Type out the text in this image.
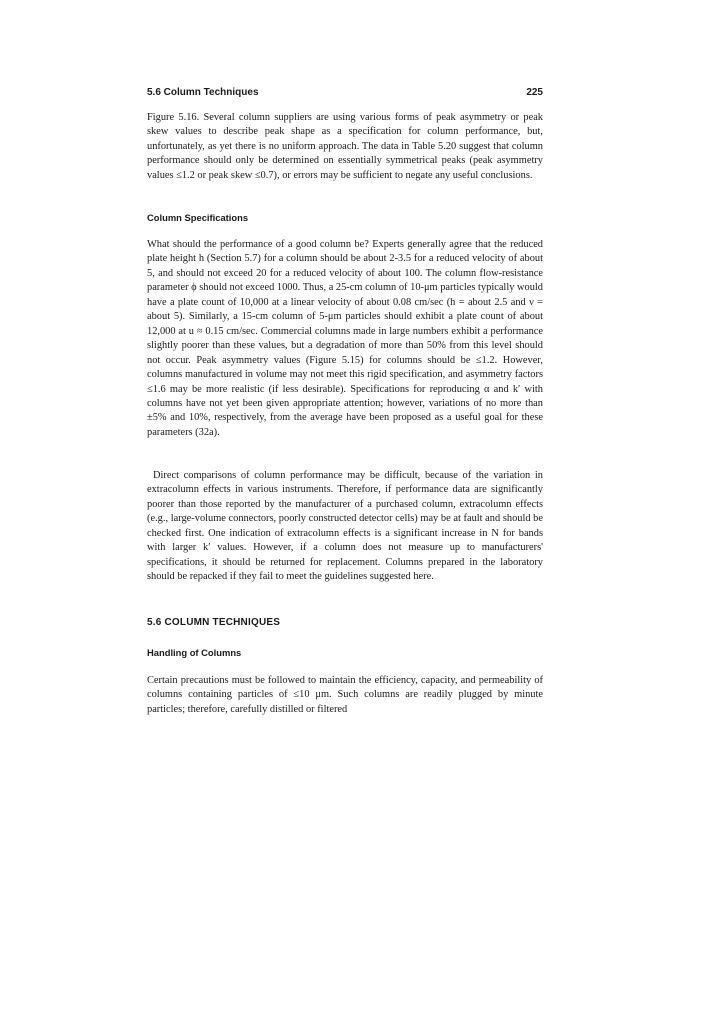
5.6 Column Techniques	225

Figure 5.16. Several column suppliers are using various forms of peak asymmetry or peak skew values to describe peak shape as a specification for column performance, but, unfortunately, as yet there is no uniform approach. The data in Table 5.20 suggest that column performance should only be determined on essentially symmetrical peaks (peak asymmetry values ≤1.2 or peak skew ≤0.7), or errors may be sufficient to negate any useful conclusions.

Column Specifications

What should the performance of a good column be? Experts generally agree that the reduced plate height h (Section 5.7) for a column should be about 2-3.5 for a reduced velocity of about 5, and should not exceed 20 for a reduced velocity of about 100. The column flow-resistance parameter ϕ should not exceed 1000. Thus, a 25-cm column of 10-μm particles typically would have a plate count of 10,000 at a linear velocity of about 0.08 cm/sec (h = about 2.5 and ν = about 5). Similarly, a 15-cm column of 5-μm particles should exhibit a plate count of about 12,000 at u ≈ 0.15 cm/sec. Commercial columns made in large numbers exhibit a performance slightly poorer than these values, but a degradation of more than 50% from this level should not occur. Peak asymmetry values (Figure 5.15) for columns should be ≤1.2. However, columns manufactured in volume may not meet this rigid specification, and asymmetry factors ≤1.6 may be more realistic (if less desirable). Specifications for reproducing α and k′ with columns have not yet been given appropriate attention; however, variations of no more than ±5% and 10%, respectively, from the average have been proposed as a useful goal for these parameters (32a).

Direct comparisons of column performance may be difficult, because of the variation in extracolumn effects in various instruments. Therefore, if performance data are significantly poorer than those reported by the manufacturer of a purchased column, extracolumn effects (e.g., large-volume connectors, poorly constructed detector cells) may be at fault and should be checked first. One indication of extracolumn effects is a significant increase in N for bands with larger k′ values. However, if a column does not measure up to manufacturers' specifications, it should be returned for replacement. Columns prepared in the laboratory should be repacked if they fail to meet the guidelines suggested here.

5.6 COLUMN TECHNIQUES
Handling of Columns

Certain precautions must be followed to maintain the efficiency, capacity, and permeability of columns containing particles of ≤10 μm. Such columns are readily plugged by minute particles; therefore, carefully distilled or filtered
